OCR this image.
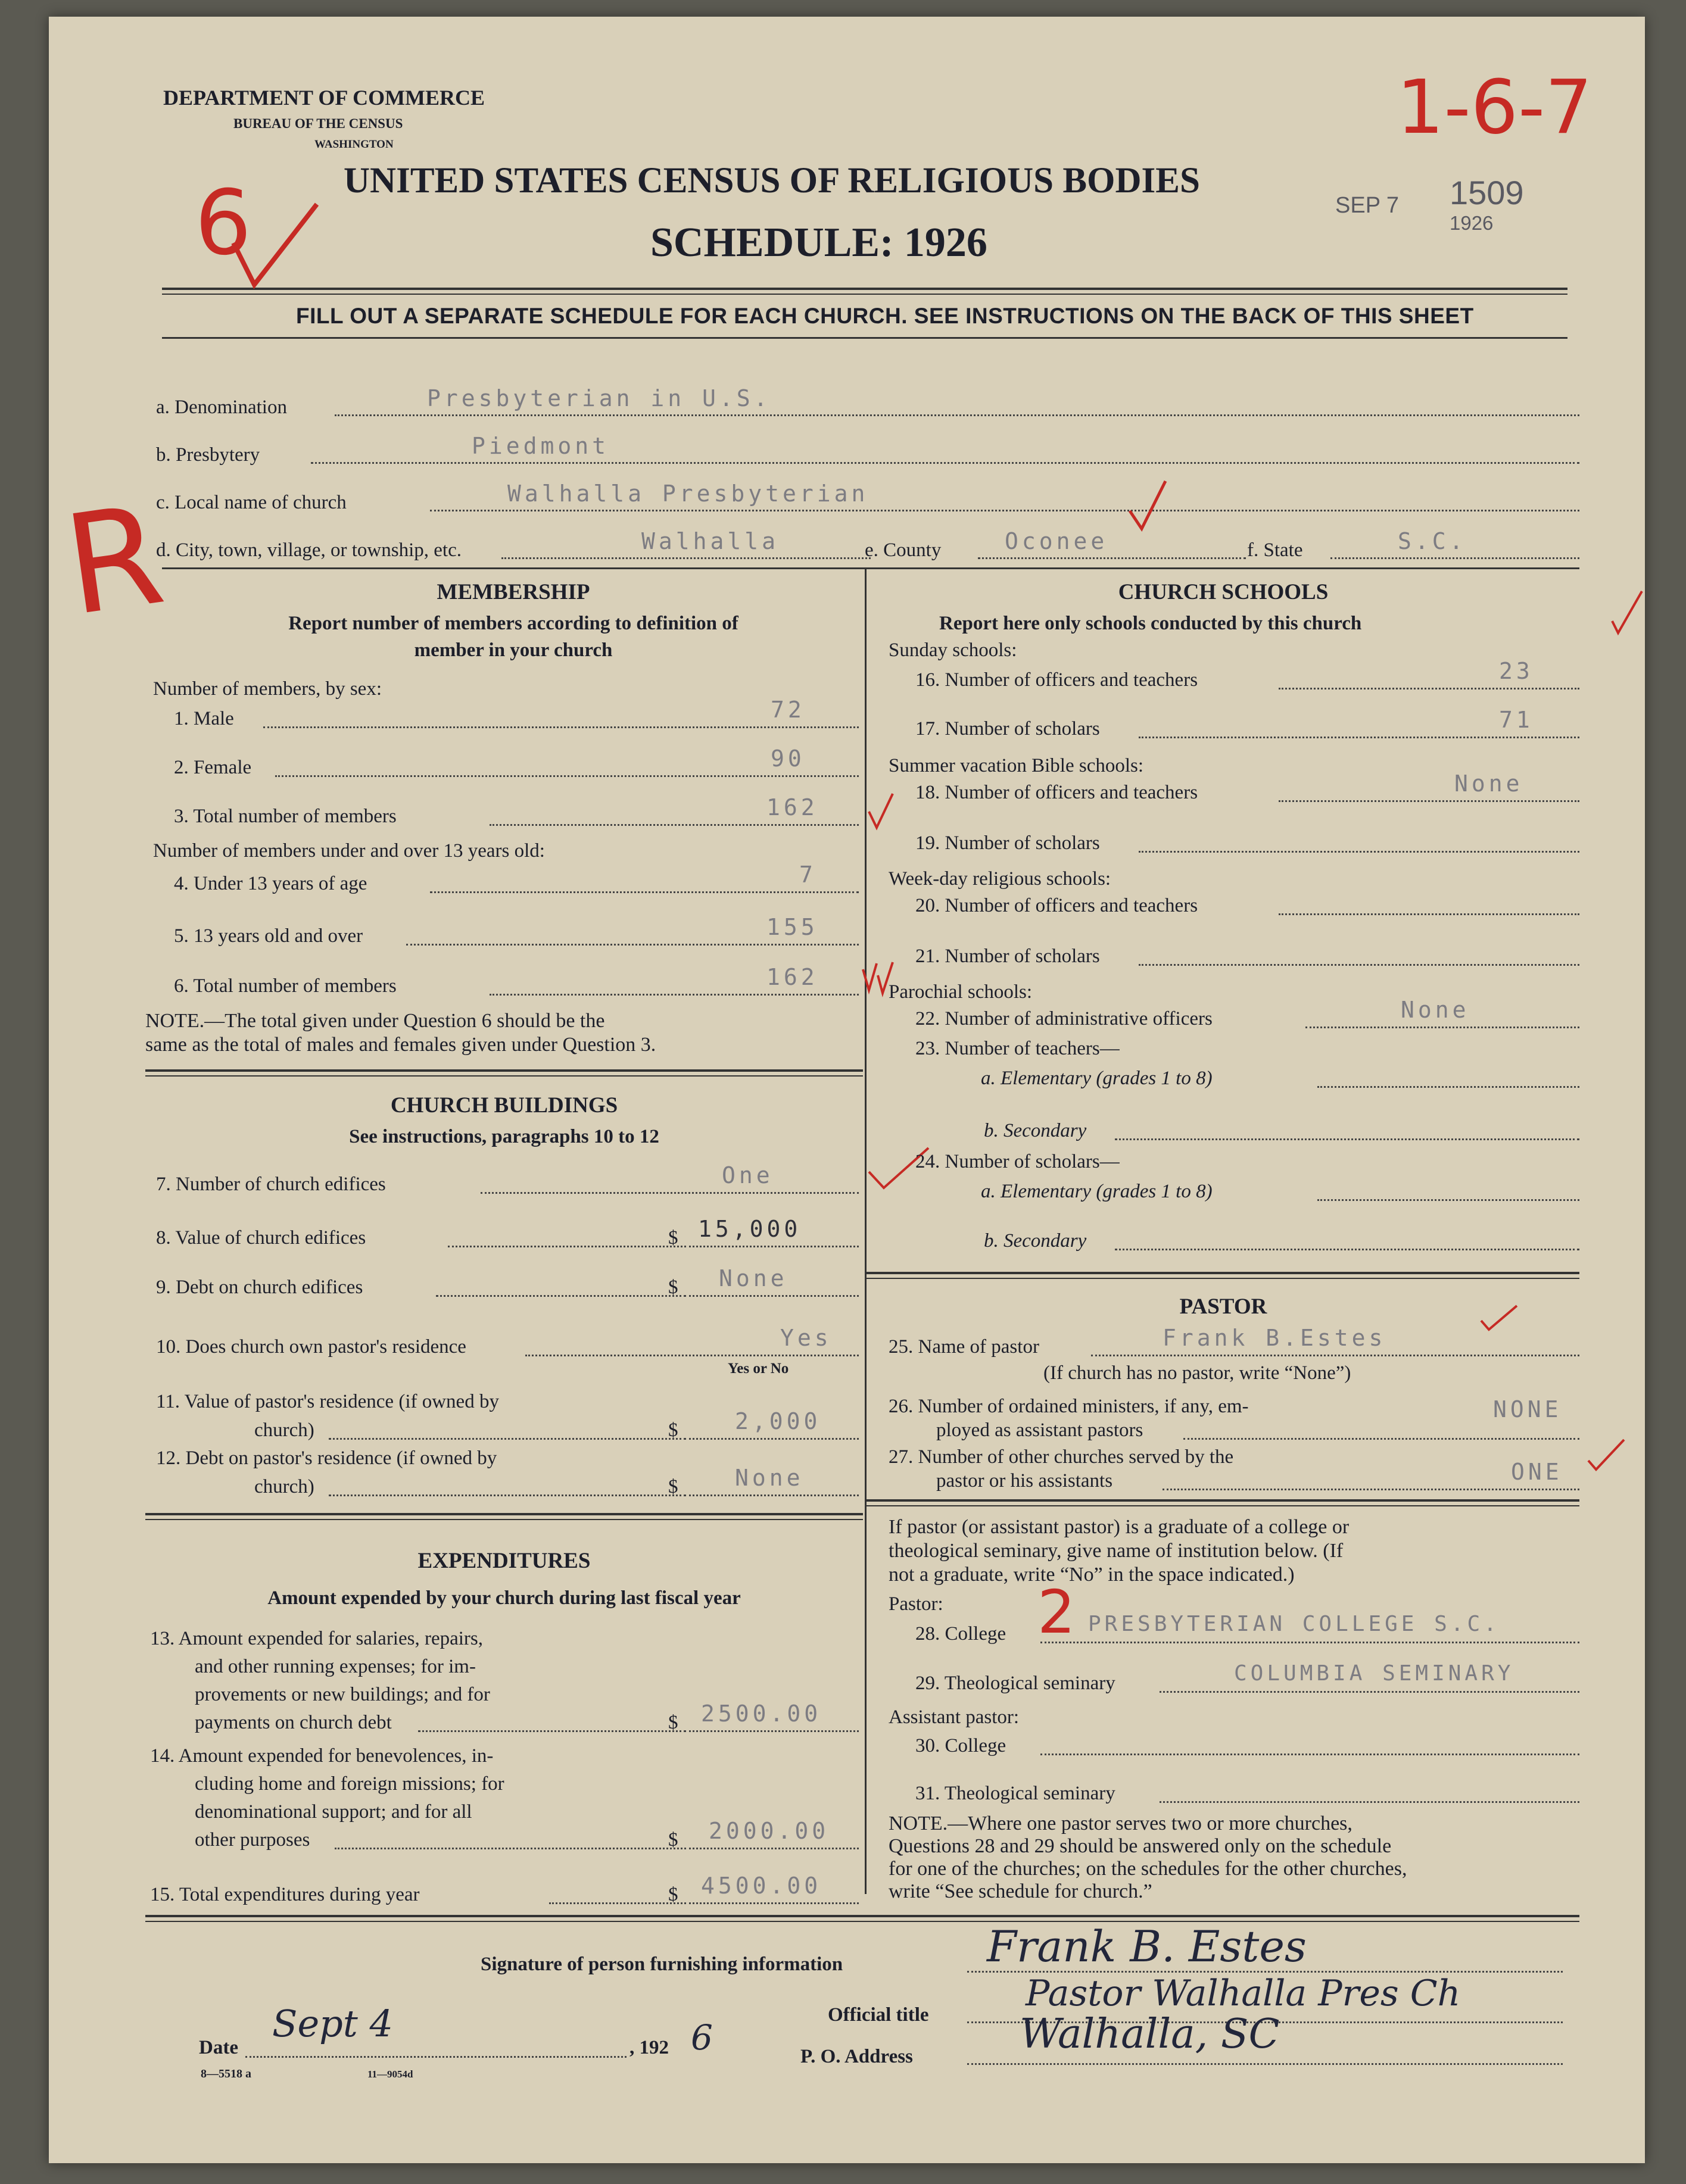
DEPARTMENT OF COMMERCE
BUREAU OF THE CENSUS
WASHINGTON
UNITED STATES CENSUS OF RELIGIOUS BODIES
SCHEDULE: 1926
FILL OUT A SEPARATE SCHEDULE FOR EACH CHURCH. SEE INSTRUCTIONS ON THE BACK OF THIS SHEET
1-6-7
SEP 7 1509
1926
6
R
a. Denomination	Presbyterian in U.S.
b. Presbytery	Piedmont
c. Local name of church	Walhalla Presbyterian
d. City, town, village, or township, etc.	Walhalla	e. County	Oconee	f. State	S.C.
MEMBERSHIP
Report number of members according to definition of
member in your church
Number of members, by sex:
1. Male	72
2. Female	90
3. Total number of members	162
Number of members under and over 13 years old:
4. Under 13 years of age	7
5. 13 years old and over	155
6. Total number of members	162
NOTE.—The total given under Question 6 should be the
same as the total of males and females given under Question 3.
CHURCH BUILDINGS
See instructions, paragraphs 10 to 12
7. Number of church edifices	One
8. Value of church edifices	$ 15,000
9. Debt on church edifices	$ None
10. Does church own pastor's residence	Yes
Yes or No
11. Value of pastor's residence (if owned by
church)	$	2,000
12. Debt on pastor's residence (if owned by
church)	$	None
EXPENDITURES
Amount expended by your church during last fiscal year
13. Amount expended for salaries, repairs,
and other running expenses; for im-
provements or new buildings; and for
payments on church debt	$ 2500.00
14. Amount expended for benevolences, in-
cluding home and foreign missions; for
denominational support; and for all
other purposes	$ 2000.00
15. Total expenditures during year	$ 4500.00
CHURCH SCHOOLS
Report here only schools conducted by this church
Sunday schools:
16. Number of officers and teachers	23
17. Number of scholars	71
Summer vacation Bible schools:
18. Number of officers and teachers	None
19. Number of scholars
Week-day religious schools:
20. Number of officers and teachers
21. Number of scholars
Parochial schools:
22. Number of administrative officers	None
23. Number of teachers—
a. Elementary (grades 1 to 8)
b. Secondary
24. Number of scholars—
a. Elementary (grades 1 to 8)
b. Secondary
PASTOR
25. Name of pastor	Frank B.Estes
(If church has no pastor, write “None”)
26. Number of ordained ministers, if any, em-
ployed as assistant pastors
NONE
27. Number of other churches served by the
pastor or his assistants	ONE
If pastor (or assistant pastor) is a graduate of a college or
theological seminary, give name of institution below. (If
not a graduate, write “No” in the space indicated.)
Pastor:
28. College 2 PRESBYTERIAN COLLEGE S.C.
29. Theological seminary	COLUMBIA SEMINARY
Assistant pastor:
30. College
31. Theological seminary
NOTE.—Where one pastor serves two or more churches,
Questions 28 and 29 should be answered only on the schedule
for one of the churches; on the schedules for the other churches,
write “See schedule for church.”
Signature of person furnishing information	Frank B. Estes
Official title
Pastor Walhalla Pres Ch
Date
Sept 4
, 192 6	P. O. Address	Walhalla, SC
8—5518 a	11—9054d
